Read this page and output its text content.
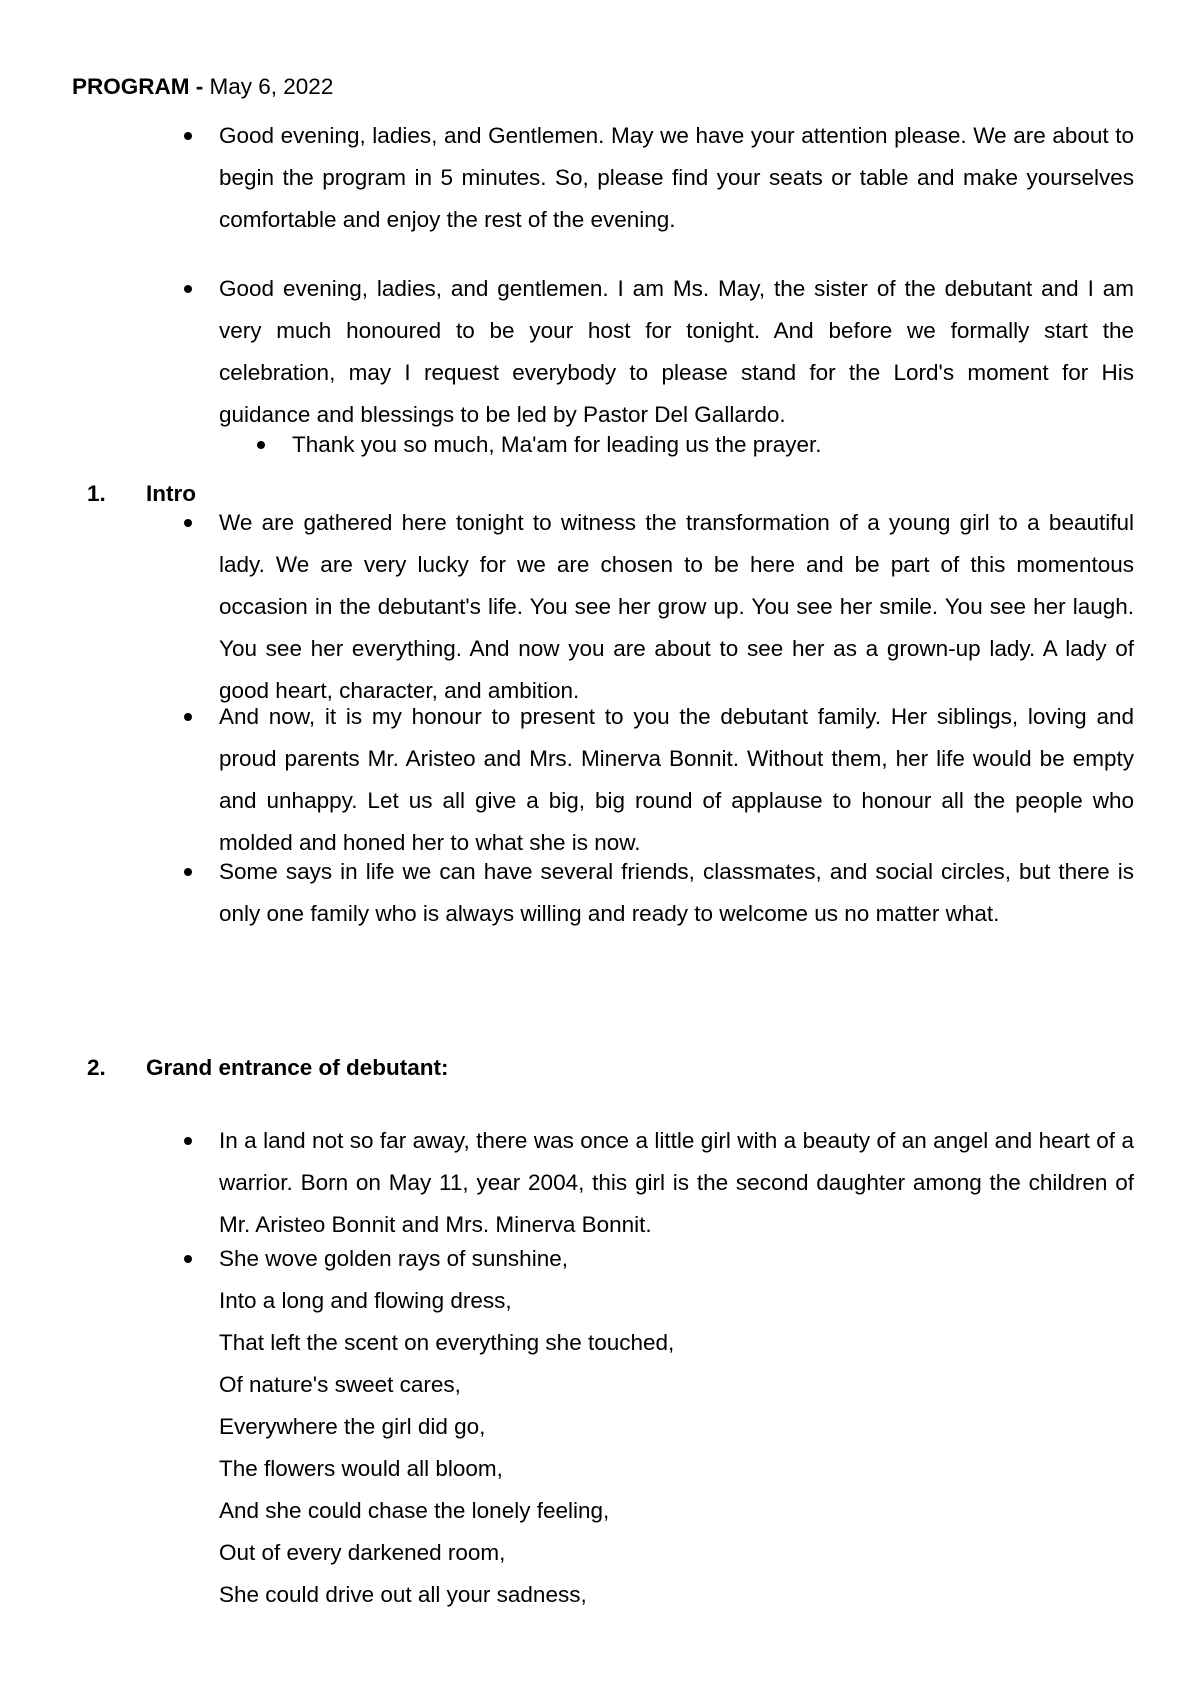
PROGRAM - May 6, 2022
Good evening, ladies, and Gentlemen. May we have your attention please. We are about to begin the program in 5 minutes. So, please find your seats or table and make yourselves comfortable and enjoy the rest of the evening.
Good evening, ladies, and gentlemen. I am Ms. May, the sister of the debutant and I am very much honoured to be your host for tonight. And before we formally start the celebration, may I request everybody to please stand for the Lord's moment for His guidance and blessings to be led by Pastor Del Gallardo.
Thank you so much, Ma'am for leading us the prayer.
1. Intro
We are gathered here tonight to witness the transformation of a young girl to a beautiful lady. We are very lucky for we are chosen to be here and be part of this momentous occasion in the debutant's life. You see her grow up. You see her smile. You see her laugh. You see her everything. And now you are about to see her as a grown-up lady. A lady of good heart, character, and ambition.
And now, it is my honour to present to you the debutant family. Her siblings, loving and proud parents Mr. Aristeo and Mrs. Minerva Bonnit. Without them, her life would be empty and unhappy. Let us all give a big, big round of applause to honour all the people who molded and honed her to what she is now.
Some says in life we can have several friends, classmates, and social circles, but there is only one family who is always willing and ready to welcome us no matter what.
2. Grand entrance of debutant:
In a land not so far away, there was once a little girl with a beauty of an angel and heart of a warrior. Born on May 11, year 2004, this girl is the second daughter among the children of Mr. Aristeo Bonnit and Mrs. Minerva Bonnit.
She wove golden rays of sunshine,
Into a long and flowing dress,
That left the scent on everything she touched,
Of nature's sweet cares,
Everywhere the girl did go,
The flowers would all bloom,
And she could chase the lonely feeling,
Out of every darkened room,
She could drive out all your sadness,
